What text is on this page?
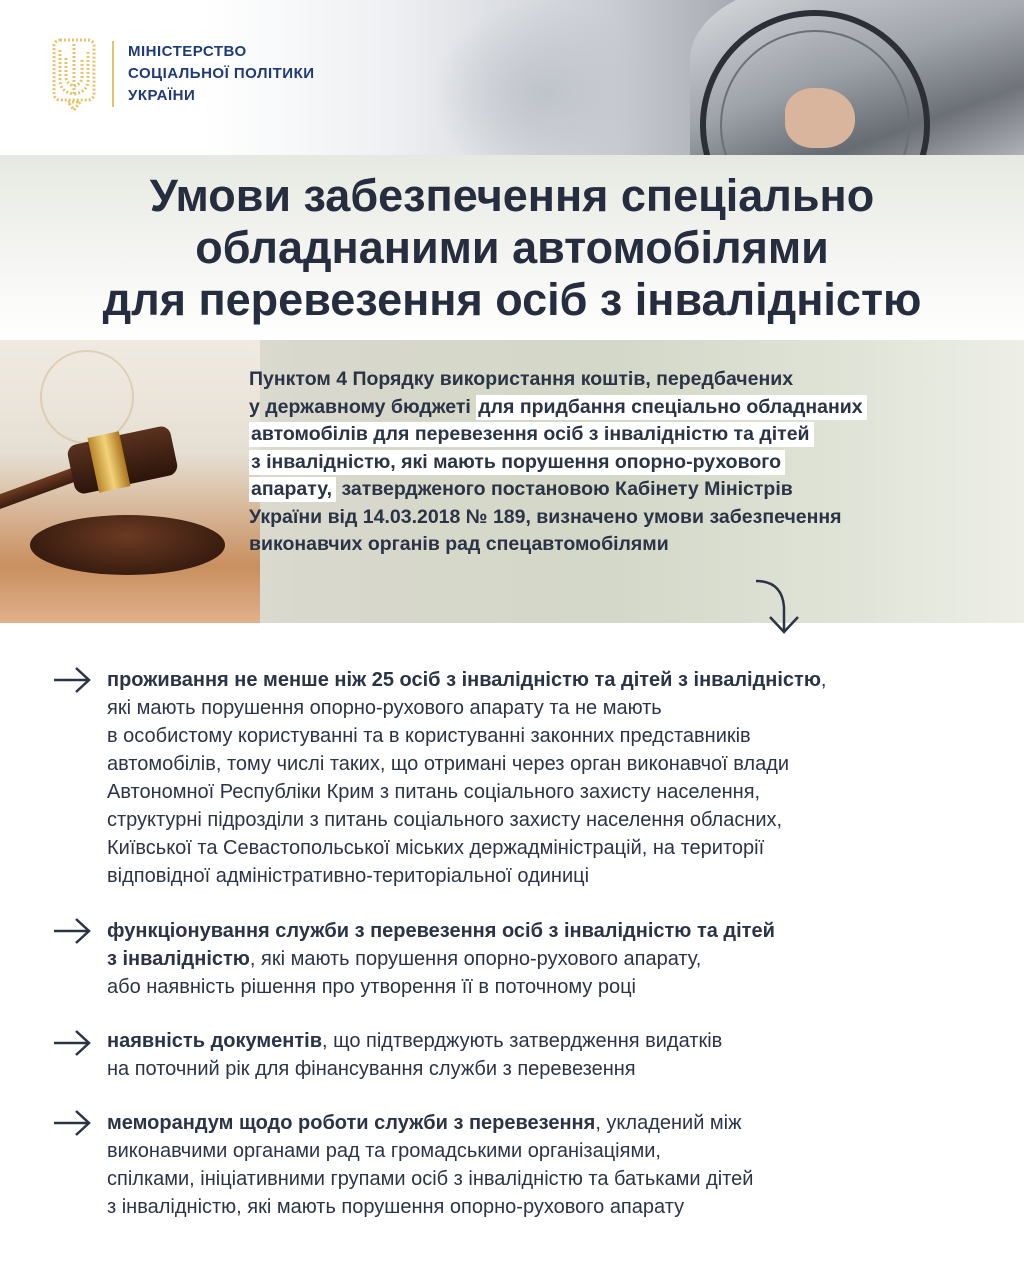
МІНІСТЕРСТВО
СОЦІАЛЬНОЇ ПОЛІТИКИ
УКРАЇНИ
Умови забезпечення спеціально
обладнаними автомобілями
для перевезення осіб з інвалідністю
Пунктом 4 Порядку використання коштів, передбачених
у державному бюджеті для придбання спеціально обладнаних
автомобілів для перевезення осіб з інвалідністю та дітей
з інвалідністю, які мають порушення опорно-рухового
апарату, затвердженого постановою Кабінету Міністрів
України від 14.03.2018 № 189, визначено умови забезпечення
виконавчих органів рад спецавтомобілями
проживання не менше ніж 25 осіб з інвалідністю та дітей з інвалідністю,
які мають порушення опорно-рухового апарату та не мають
в особистому користуванні та в користуванні законних представників
автомобілів, тому числі таких, що отримані через орган виконавчої влади
Автономної Республіки Крим з питань соціального захисту населення,
структурні підрозділи з питань соціального захисту населення обласних,
Київської та Севастопольської міських держадміністрацій, на території
відповідної адміністративно-територіальної одиниці
функціонування служби з перевезення осіб з інвалідністю та дітей
з інвалідністю, які мають порушення опорно-рухового апарату,
або наявність рішення про утворення її в поточному році
наявність документів, що підтверджують затвердження видатків
на поточний рік для фінансування служби з перевезення
меморандум щодо роботи служби з перевезення, укладений між
виконавчими органами рад та громадськими організаціями,
спілками, ініціативними групами осіб з інвалідністю та батьками дітей
з інвалідністю, які мають порушення опорно-рухового апарату
